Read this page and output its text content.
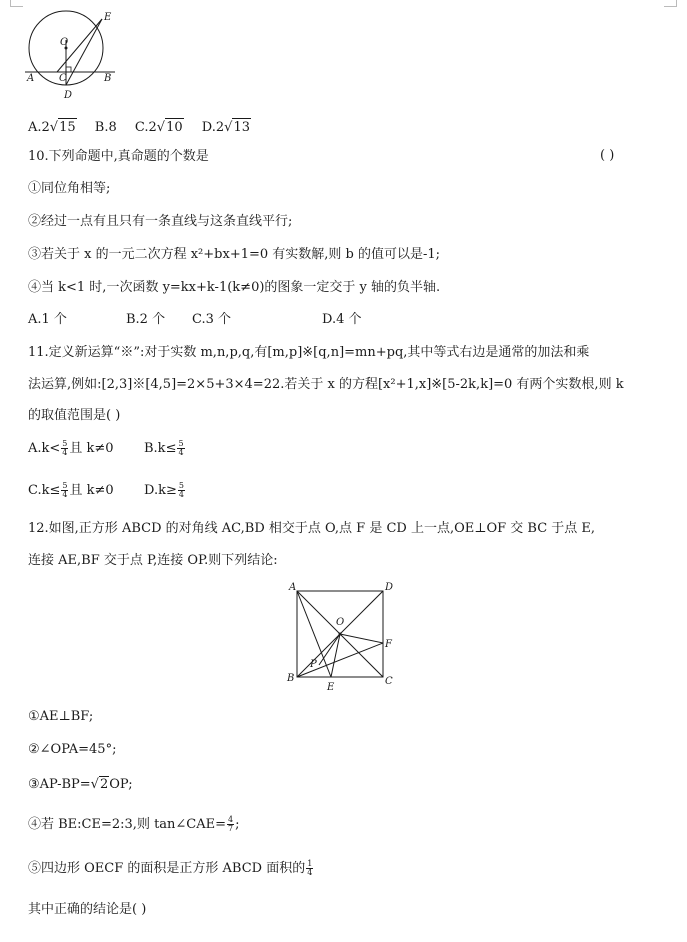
E
O
A C	B
D
A.2√15 B.8 C.2√10 D.2√13
10.下列命题中,真命题的个数是	( )
①同位角相等;
②经过一点有且只有一条直线与这条直线平行;
③若关于 x 的一元二次方程 x²+bx+1=0 有实数解,则 b 的值可以是-1;
④当 k<1 时,一次函数 y=kx+k-1(k≠0)的图象一定交于 y 轴的负半轴.
A.1 个	B.2 个 C.3 个	D.4 个
11.定义新运算“※”:对于实数 m,n,p,q,有[m,p]※[q,n]=mn+pq,其中等式右边是通常的加法和乘
法运算,例如:[2,3]※[4,5]=2×5+3×4=22.若关于 x 的方程[x²+1,x]※[5-2k,k]=0 有两个实数根,则 k
的取值范围是( )
$A.k< \frac{5}{4}$ 且 k≠0 $B.k\le \frac{5}{4}$
$C.k\le \frac{5}{4}$ 且 k≠0 $D.k\ge \frac{5}{4}$
12.如图,正方形 ABCD 的对角线 AC,BD 相交于点 O,点 F 是 CD 上一点,OE⊥OF 交 BC 于点 E,
连接 AE,BF 交于点 P,连接 OP.则下列结论:
A	D
O
F
P
B
E
C
①AE⊥BF;
②∠OPA=45°;
③AP-BP=√2OP;
④若 BE:CE=2:3,则 tan∠CAE= $\frac{4}{7}$ ;
⑤四边形 OECF 的面积是正方形 ABCD 面积的 $\frac{1}{4}$
其中正确的结论是( )
